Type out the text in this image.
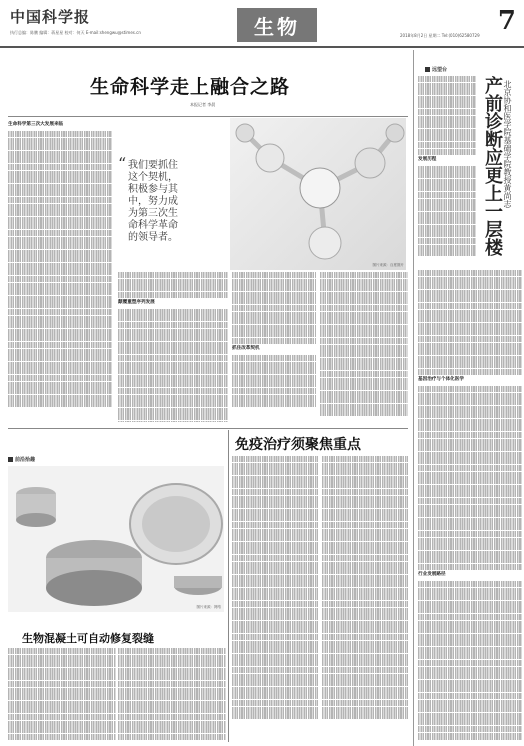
中国科学报
执行总编：陈鹏 编辑：蒋星星 校对：何天 E-mail:shengwu@stimes.cn	生物	2018年8月2日 星期二 Tel:(010)62580729 7
生命科学走上融合之路
本报记者 李晨
生命科学第三次大发展来临
“ 我们要抓住这个契机，积极参与其中，努力成为第三次生命科学革命的领导者。
图片来源：百度图片
颠覆重塑序列发展
抓住改革契机
远望台
产前诊断应更上一层楼 北京协和医学院基础学院教授黄尚志
发展历程
基因治疗与个体化医学
行业发展路径
免疫治疗须聚焦重点
前沿拾趣
图片来源：网络
生物混凝土可自动修复裂缝
